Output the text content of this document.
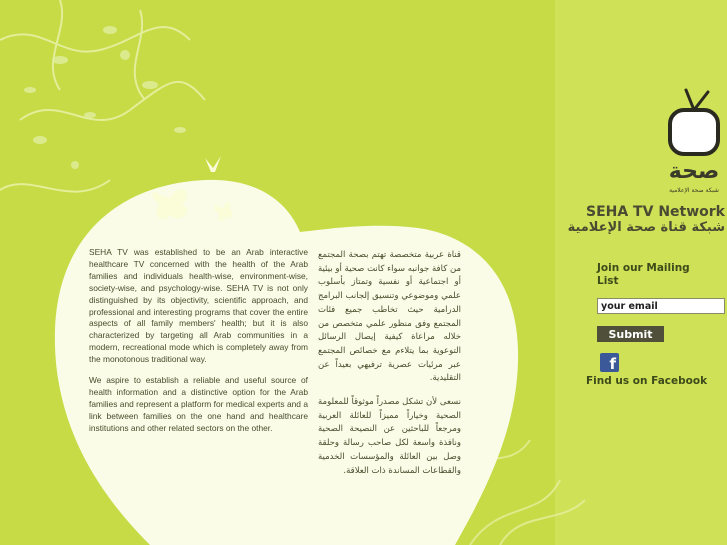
SEHA TV was established to be an Arab interactive healthcare TV concerned with the health of the Arab families and individuals health-wise, environment-wise, society-wise, and psychology-wise. SEHA TV is not only distinguished by its objectivity, scientific approach, and professional and interesting programs that cover the entire aspects of all family members' health; but it is also characterized by targeting all Arab communities in a modern, recreational mode which is completely away from the monotonous traditional way.

We aspire to establish a reliable and useful source of health information and a distinctive option for the Arab families and represent a platform for medical experts and a link between families on the one hand and healthcare institutions and other related sectors on the other.

قناة عربية متخصصة تهتم بصحة المجتمع من كافة جوانبه سواء كانت صحية أو بيئية أو اجتماعية أو نفسية وتمتاز بأسلوب علمي وموضوعي وتنسيق إلجانب البرامج الدرامية حيث تخاطب جميع فئات المجتمع وفق منظور علمي متخصص من خلاله مراعاة كيفية إيصال الرسائل التوعوية بما يتلاءم مع خصائص المجتمع عبر مرئيات عصرية ترفيهي بعيداً عن التقليدية.

نسعى لأن تشكل مصدراً موثوقاً للمعلومة الصحية وخياراً مميزاً للعائلة العربية ومرجعاً للباحثين عن النصيحة الصحية ونافذة واسعة لكل صاحب رسالة وحلقة وصل بين العائلة والمؤسسات الخدمية والقطاعات المساندة ذات العلاقة.

صحة
شبكة صحة الإعلامية
SEHA TV Network
شبكة قناة صحة الإعلامية
Join our Mailing List
your email
Submit
f
Find us on Facebook
